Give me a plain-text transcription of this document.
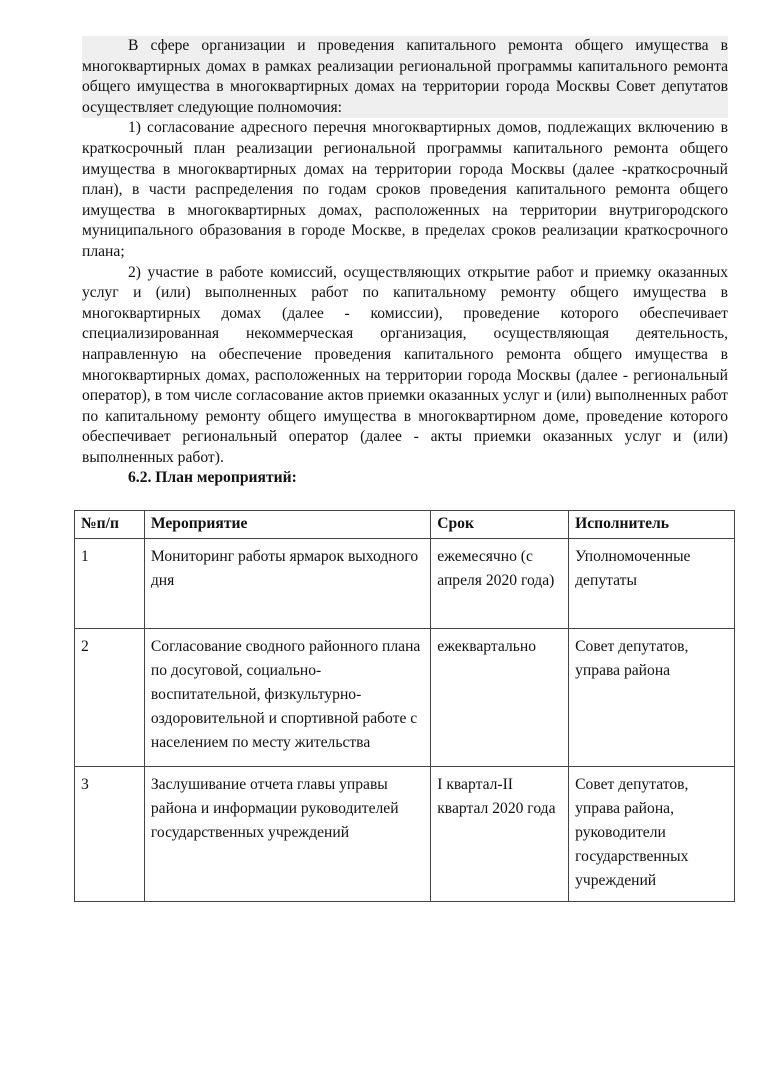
В сфере организации и проведения капитального ремонта общего имущества в многоквартирных домах в рамках реализации региональной программы капитального ремонта общего имущества в многоквартирных домах на территории города Москвы Совет депутатов осуществляет следующие полномочия:

1) согласование адресного перечня многоквартирных домов, подлежащих включению в краткосрочный план реализации региональной программы капитального ремонта общего имущества в многоквартирных домах на территории города Москвы (далее -краткосрочный план), в части распределения по годам сроков проведения капитального ремонта общего имущества в многоквартирных домах, расположенных на территории внутригородского муниципального образования в городе Москве, в пределах сроков реализации краткосрочного плана;

2) участие в работе комиссий, осуществляющих открытие работ и приемку оказанных услуг и (или) выполненных работ по капитальному ремонту общего имущества в многоквартирных домах (далее - комиссии), проведение которого обеспечивает специализированная некоммерческая организация, осуществляющая деятельность, направленную на обеспечение проведения капитального ремонта общего имущества в многоквартирных домах, расположенных на территории города Москвы (далее - региональный оператор), в том числе согласование актов приемки оказанных услуг и (или) выполненных работ по капитальному ремонту общего имущества в многоквартирном доме, проведение которого обеспечивает региональный оператор (далее - акты приемки оказанных услуг и (или) выполненных работ).

6.2. План мероприятий:

№п/п	Мероприятие	Срок	Исполнитель
1	Мониторинг работы ярмарок выходного дня	ежемесячно (с апреля 2020 года)	Уполномоченные депутаты
2	Согласование сводного районного плана по досуговой, социально-воспитательной, физкультурно-оздоровительной и спортивной работе с населением по месту жительства	ежеквартально	Совет депутатов, управа района
3	Заслушивание отчета главы управы района и информации руководителей государственных учреждений	I квартал-II квартал 2020 года	Совет депутатов, управа района, руководители государственных учреждений
